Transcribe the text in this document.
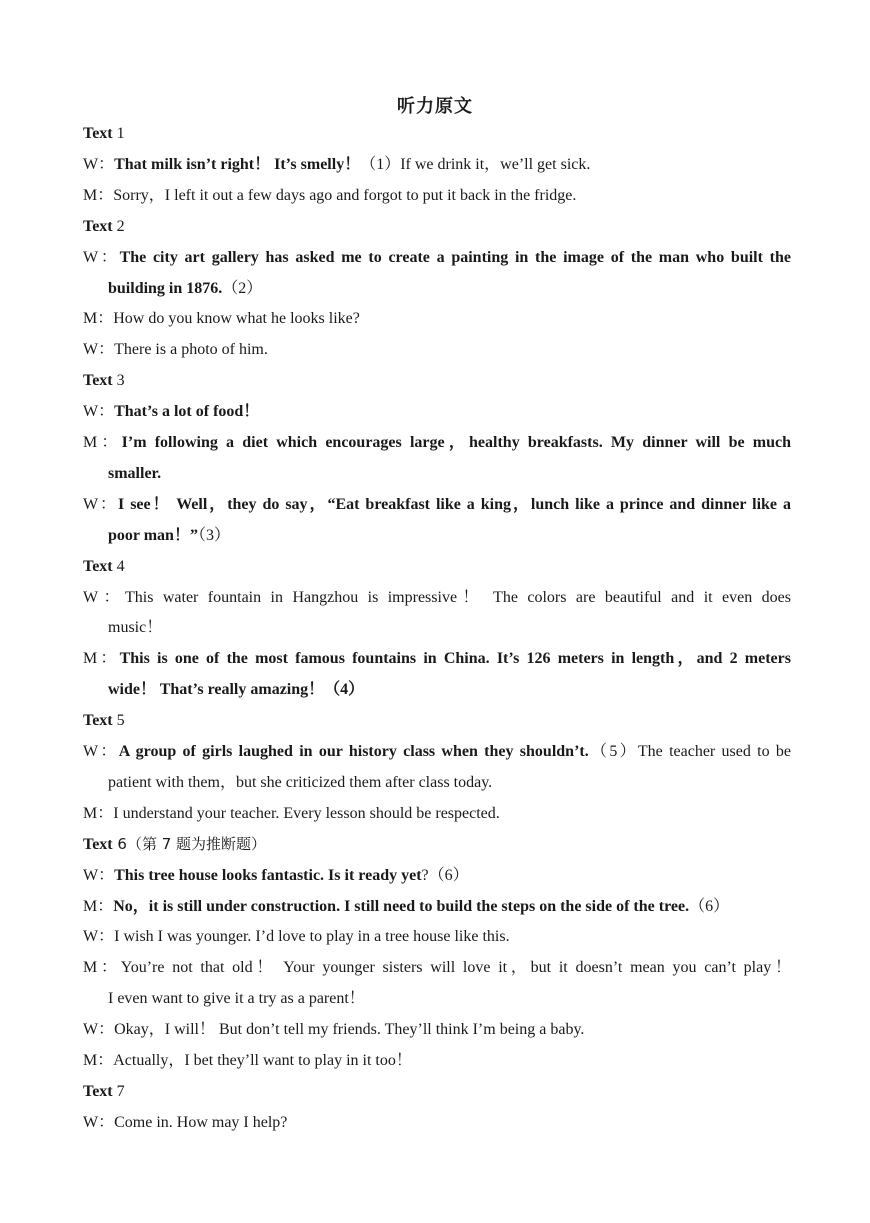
听力原文
Text 1
W：That milk isn’t right！ It’s smelly！（1）If we drink it，we’ll get sick.
M：Sorry，I left it out a few days ago and forgot to put it back in the fridge.
Text 2
W：The city art gallery has asked me to create a painting in the image of the man who built the
building in 1876.（2）
M：How do you know what he looks like?
W：There is a photo of him.
Text 3
W：That’s a lot of food！
M：I’m following a diet which encourages large，healthy breakfasts. My dinner will be much
smaller.
W：I see！ Well，they do say，“Eat breakfast like a king，lunch like a prince and dinner like a
poor man！”（3）
Text 4
W：This water fountain in Hangzhou is impressive！ The colors are beautiful and it even does
music！
M：This is one of the most famous fountains in China. It’s 126 meters in length，and 2 meters
wide！ That’s really amazing！（4）
Text 5
W：A group of girls laughed in our history class when they shouldn’t.（5）The teacher used to be
patient with them，but she criticized them after class today.
M：I understand your teacher. Every lesson should be respected.
Text 6（第 7 题为推断题）
W：This tree house looks fantastic. Is it ready yet?（6）
M：No，it is still under construction. I still need to build the steps on the side of the tree.（6）
W：I wish I was younger. I’d love to play in a tree house like this.
M：You’re not that old！ Your younger sisters will love it，but it doesn’t mean you can’t play！
I even want to give it a try as a parent！
W：Okay，I will！ But don’t tell my friends. They’ll think I’m being a baby.
M：Actually，I bet they’ll want to play in it too！
Text 7
W：Come in. How may I help?
